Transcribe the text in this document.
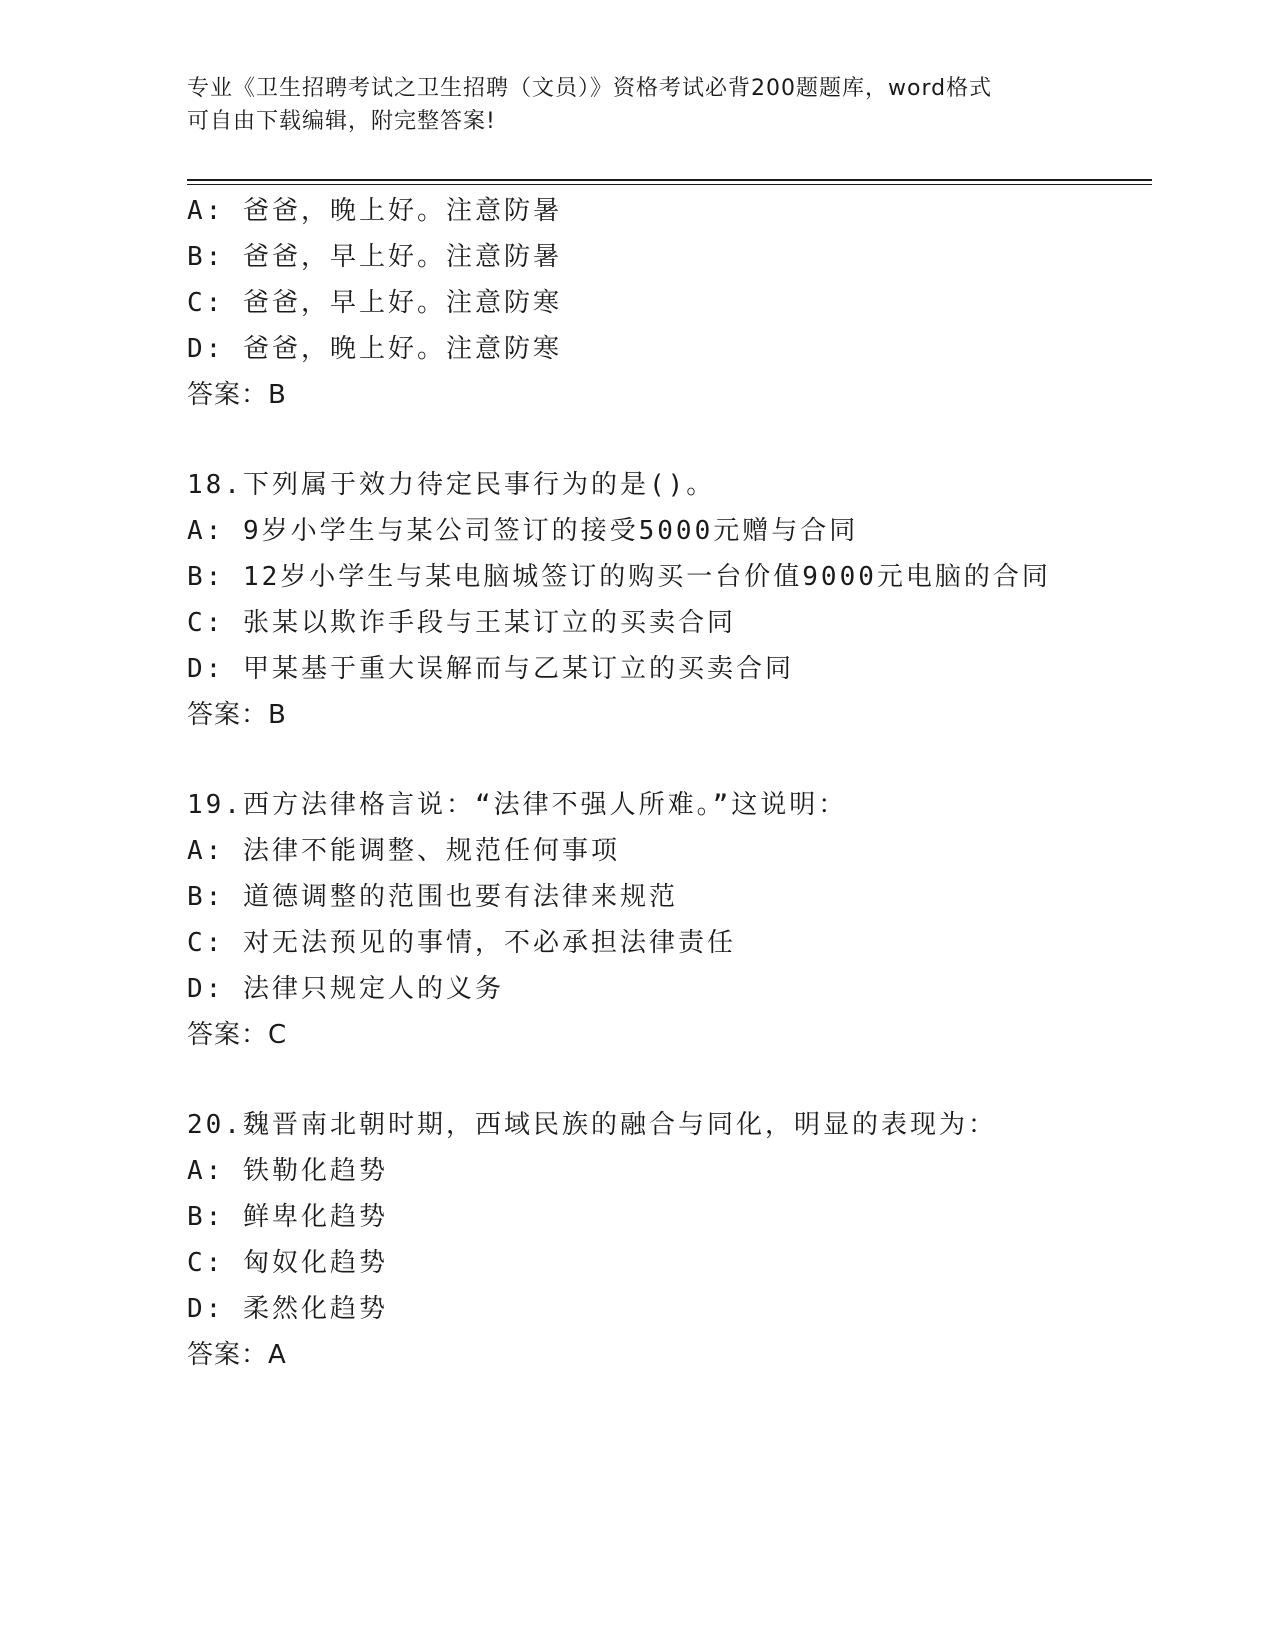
专业《卫生招聘考试之卫生招聘（文员）》资格考试必背200题题库，word格式
可自由下载编辑，附完整答案!
A: 爸爸，晚上好。注意防暑
B: 爸爸，早上好。注意防暑
C: 爸爸，早上好。注意防寒
D: 爸爸，晚上好。注意防寒
答案：B
18.下列属于效力待定民事行为的是()。
A: 9岁小学生与某公司签订的接受5000元赠与合同
B: 12岁小学生与某电脑城签订的购买一台价值9000元电脑的合同
C: 张某以欺诈手段与王某订立的买卖合同
D: 甲某基于重大误解而与乙某订立的买卖合同
答案：B
19.西方法律格言说：“法律不强人所难。”这说明：
A: 法律不能调整、规范任何事项
B: 道德调整的范围也要有法律来规范
C: 对无法预见的事情，不必承担法律责任
D: 法律只规定人的义务
答案：C
20.魏晋南北朝时期，西域民族的融合与同化，明显的表现为：
A: 铁勒化趋势
B: 鲜卑化趋势
C: 匈奴化趋势
D: 柔然化趋势
答案：A
